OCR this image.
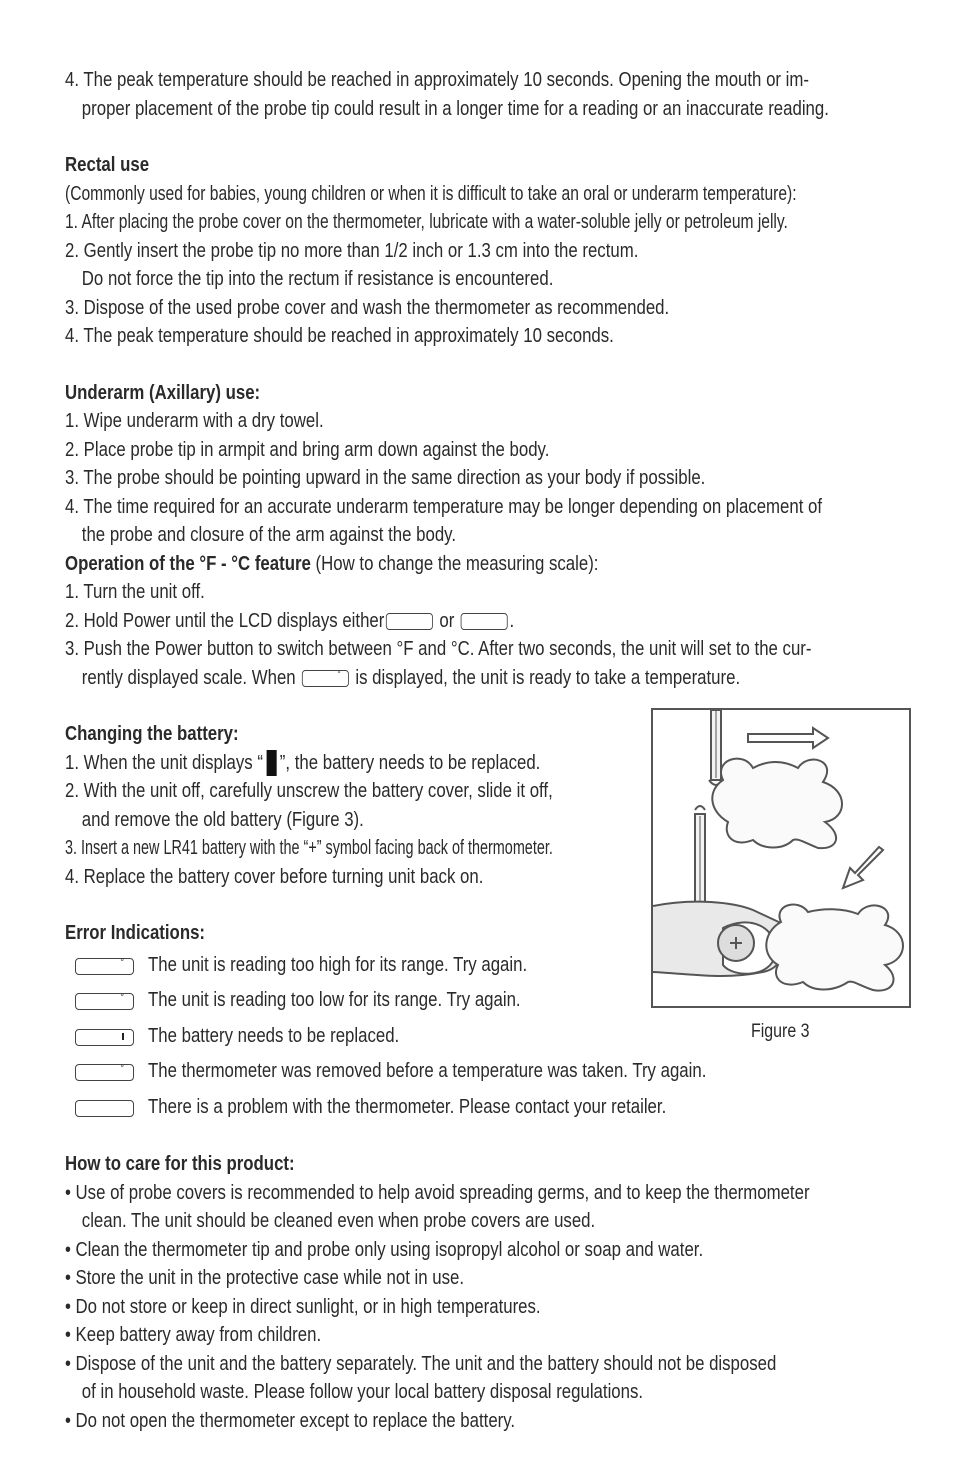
4. The peak temperature should be reached in approximately 10 seconds. Opening the mouth or im-
proper placement of the probe tip could result in a longer time for a reading or an inaccurate reading.
Rectal use
(Commonly used for babies, young children or when it is difficult to take an oral or underarm temperature):
1. After placing the probe cover on the thermometer, lubricate with a water-soluble jelly or petroleum jelly.
2. Gently insert the probe tip no more than 1/2 inch or 1.3 cm into the rectum.
Do not force the tip into the rectum if resistance is encountered.
3. Dispose of the used probe cover and wash the thermometer as recommended.
4. The peak temperature should be reached in approximately 10 seconds.
Underarm (Axillary) use:
1. Wipe underarm with a dry towel.
2. Place probe tip in armpit and bring arm down against the body.
3. The probe should be pointing upward in the same direction as your body if possible.
4. The time required for an accurate underarm temperature may be longer depending on placement of
the probe and closure of the arm against the body.
Operation of the °F - °C feature (How to change the measuring scale):
1. Turn the unit off.
2. Hold Power until the LCD displays either	or	.
3. Push the Power button to switch between °F and °C. After two seconds, the unit will set to the cur-
rently displayed scale. When	° is displayed, the unit is ready to take a temperature.
Changing the battery:
1. When the unit displays “ ”, the battery needs to be replaced.
2. With the unit off, carefully unscrew the battery cover, slide it off,
and remove the old battery (Figure 3).
3. Insert a new LR41 battery with the “+” symbol facing back of thermometer.
4. Replace the battery cover before turning unit back on.
Error Indications:
° The unit is reading too high for its range. Try again.
° The unit is reading too low for its range. Try again.
The battery needs to be replaced.
° The thermometer was removed before a temperature was taken. Try again.
There is a problem with the thermometer. Please contact your retailer.
How to care for this product:
• Use of probe covers is recommended to help avoid spreading germs, and to keep the thermometer
clean. The unit should be cleaned even when probe covers are used.
• Clean the thermometer tip and probe only using isopropyl alcohol or soap and water.
• Store the unit in the protective case while not in use.
• Do not store or keep in direct sunlight, or in high temperatures.
• Keep battery away from children.
• Dispose of the unit and the battery separately. The unit and the battery should not be disposed
of in household waste. Please follow your local battery disposal regulations.
• Do not open the thermometer except to replace the battery.
Figure 3
